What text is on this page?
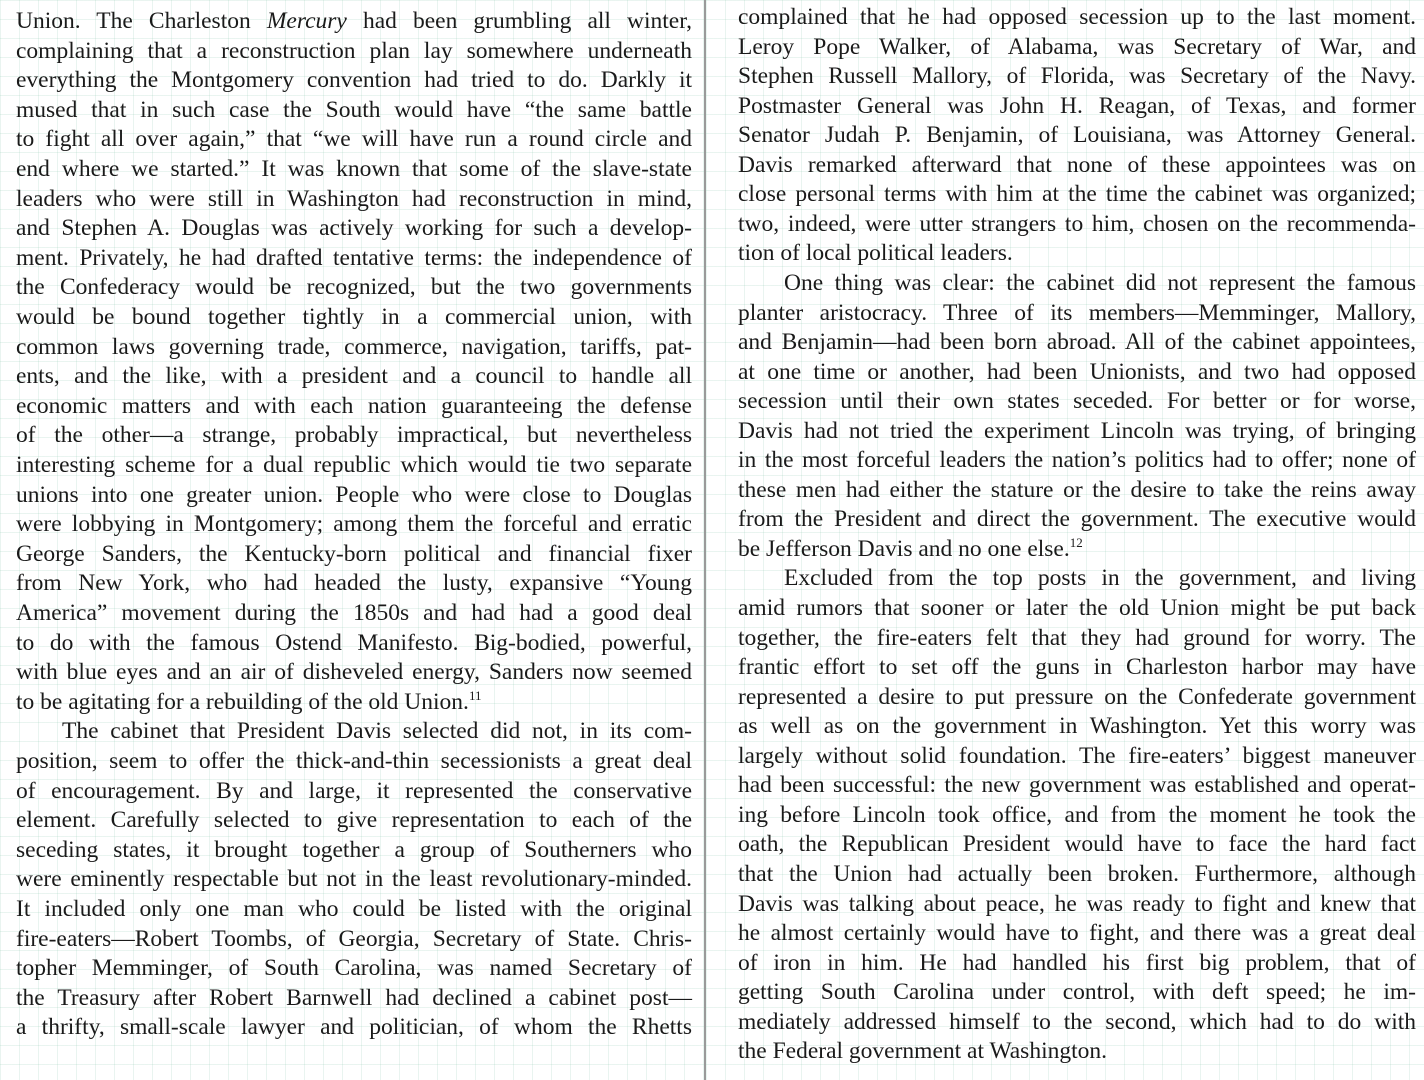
Union. The Charleston Mercury had been grumbling all winter,
complaining that a reconstruction plan lay somewhere underneath
everything the Montgomery convention had tried to do. Darkly it
mused that in such case the South would have “the same battle
to fight all over again,” that “we will have run a round circle and
end where we started.” It was known that some of the slave-state
leaders who were still in Washington had reconstruction in mind,
and Stephen A. Douglas was actively working for such a develop-
ment. Privately, he had drafted tentative terms: the independence of
the Confederacy would be recognized, but the two governments
would be bound together tightly in a commercial union, with
common laws governing trade, commerce, navigation, tariffs, pat-
ents, and the like, with a president and a council to handle all
economic matters and with each nation guaranteeing the defense
of the other—a strange, probably impractical, but nevertheless
interesting scheme for a dual republic which would tie two separate
unions into one greater union. People who were close to Douglas
were lobbying in Montgomery; among them the forceful and erratic
George Sanders, the Kentucky-born political and financial fixer
from New York, who had headed the lusty, expansive “Young
America” movement during the 1850s and had had a good deal
to do with the famous Ostend Manifesto. Big-bodied, powerful,
with blue eyes and an air of disheveled energy, Sanders now seemed
to be agitating for a rebuilding of the old Union.$^{11}$
The cabinet that President Davis selected did not, in its com-
position, seem to offer the thick-and-thin secessionists a great deal
of encouragement. By and large, it represented the conservative
element. Carefully selected to give representation to each of the
seceding states, it brought together a group of Southerners who
were eminently respectable but not in the least revolutionary-minded.
It included only one man who could be listed with the original
fire-eaters—Robert Toombs, of Georgia, Secretary of State. Chris-
topher Memminger, of South Carolina, was named Secretary of
the Treasury after Robert Barnwell had declined a cabinet post—
a thrifty, small-scale lawyer and politician, of whom the Rhetts
complained that he had opposed secession up to the last moment.
Leroy Pope Walker, of Alabama, was Secretary of War, and
Stephen Russell Mallory, of Florida, was Secretary of the Navy.
Postmaster General was John H. Reagan, of Texas, and former
Senator Judah P. Benjamin, of Louisiana, was Attorney General.
Davis remarked afterward that none of these appointees was on
close personal terms with him at the time the cabinet was organized;
two, indeed, were utter strangers to him, chosen on the recommenda-
tion of local political leaders.
One thing was clear: the cabinet did not represent the famous
planter aristocracy. Three of its members—Memminger, Mallory,
and Benjamin—had been born abroad. All of the cabinet appointees,
at one time or another, had been Unionists, and two had opposed
secession until their own states seceded. For better or for worse,
Davis had not tried the experiment Lincoln was trying, of bringing
in the most forceful leaders the nation’s politics had to offer; none of
these men had either the stature or the desire to take the reins away
from the President and direct the government. The executive would
be Jefferson Davis and no one else.$^{12}$
Excluded from the top posts in the government, and living
amid rumors that sooner or later the old Union might be put back
together, the fire-eaters felt that they had ground for worry. The
frantic effort to set off the guns in Charleston harbor may have
represented a desire to put pressure on the Confederate government
as well as on the government in Washington. Yet this worry was
largely without solid foundation. The fire-eaters’ biggest maneuver
had been successful: the new government was established and operat-
ing before Lincoln took office, and from the moment he took the
oath, the Republican President would have to face the hard fact
that the Union had actually been broken. Furthermore, although
Davis was talking about peace, he was ready to fight and knew that
he almost certainly would have to fight, and there was a great deal
of iron in him. He had handled his first big problem, that of
getting South Carolina under control, with deft speed; he im-
mediately addressed himself to the second, which had to do with
the Federal government at Washington.
